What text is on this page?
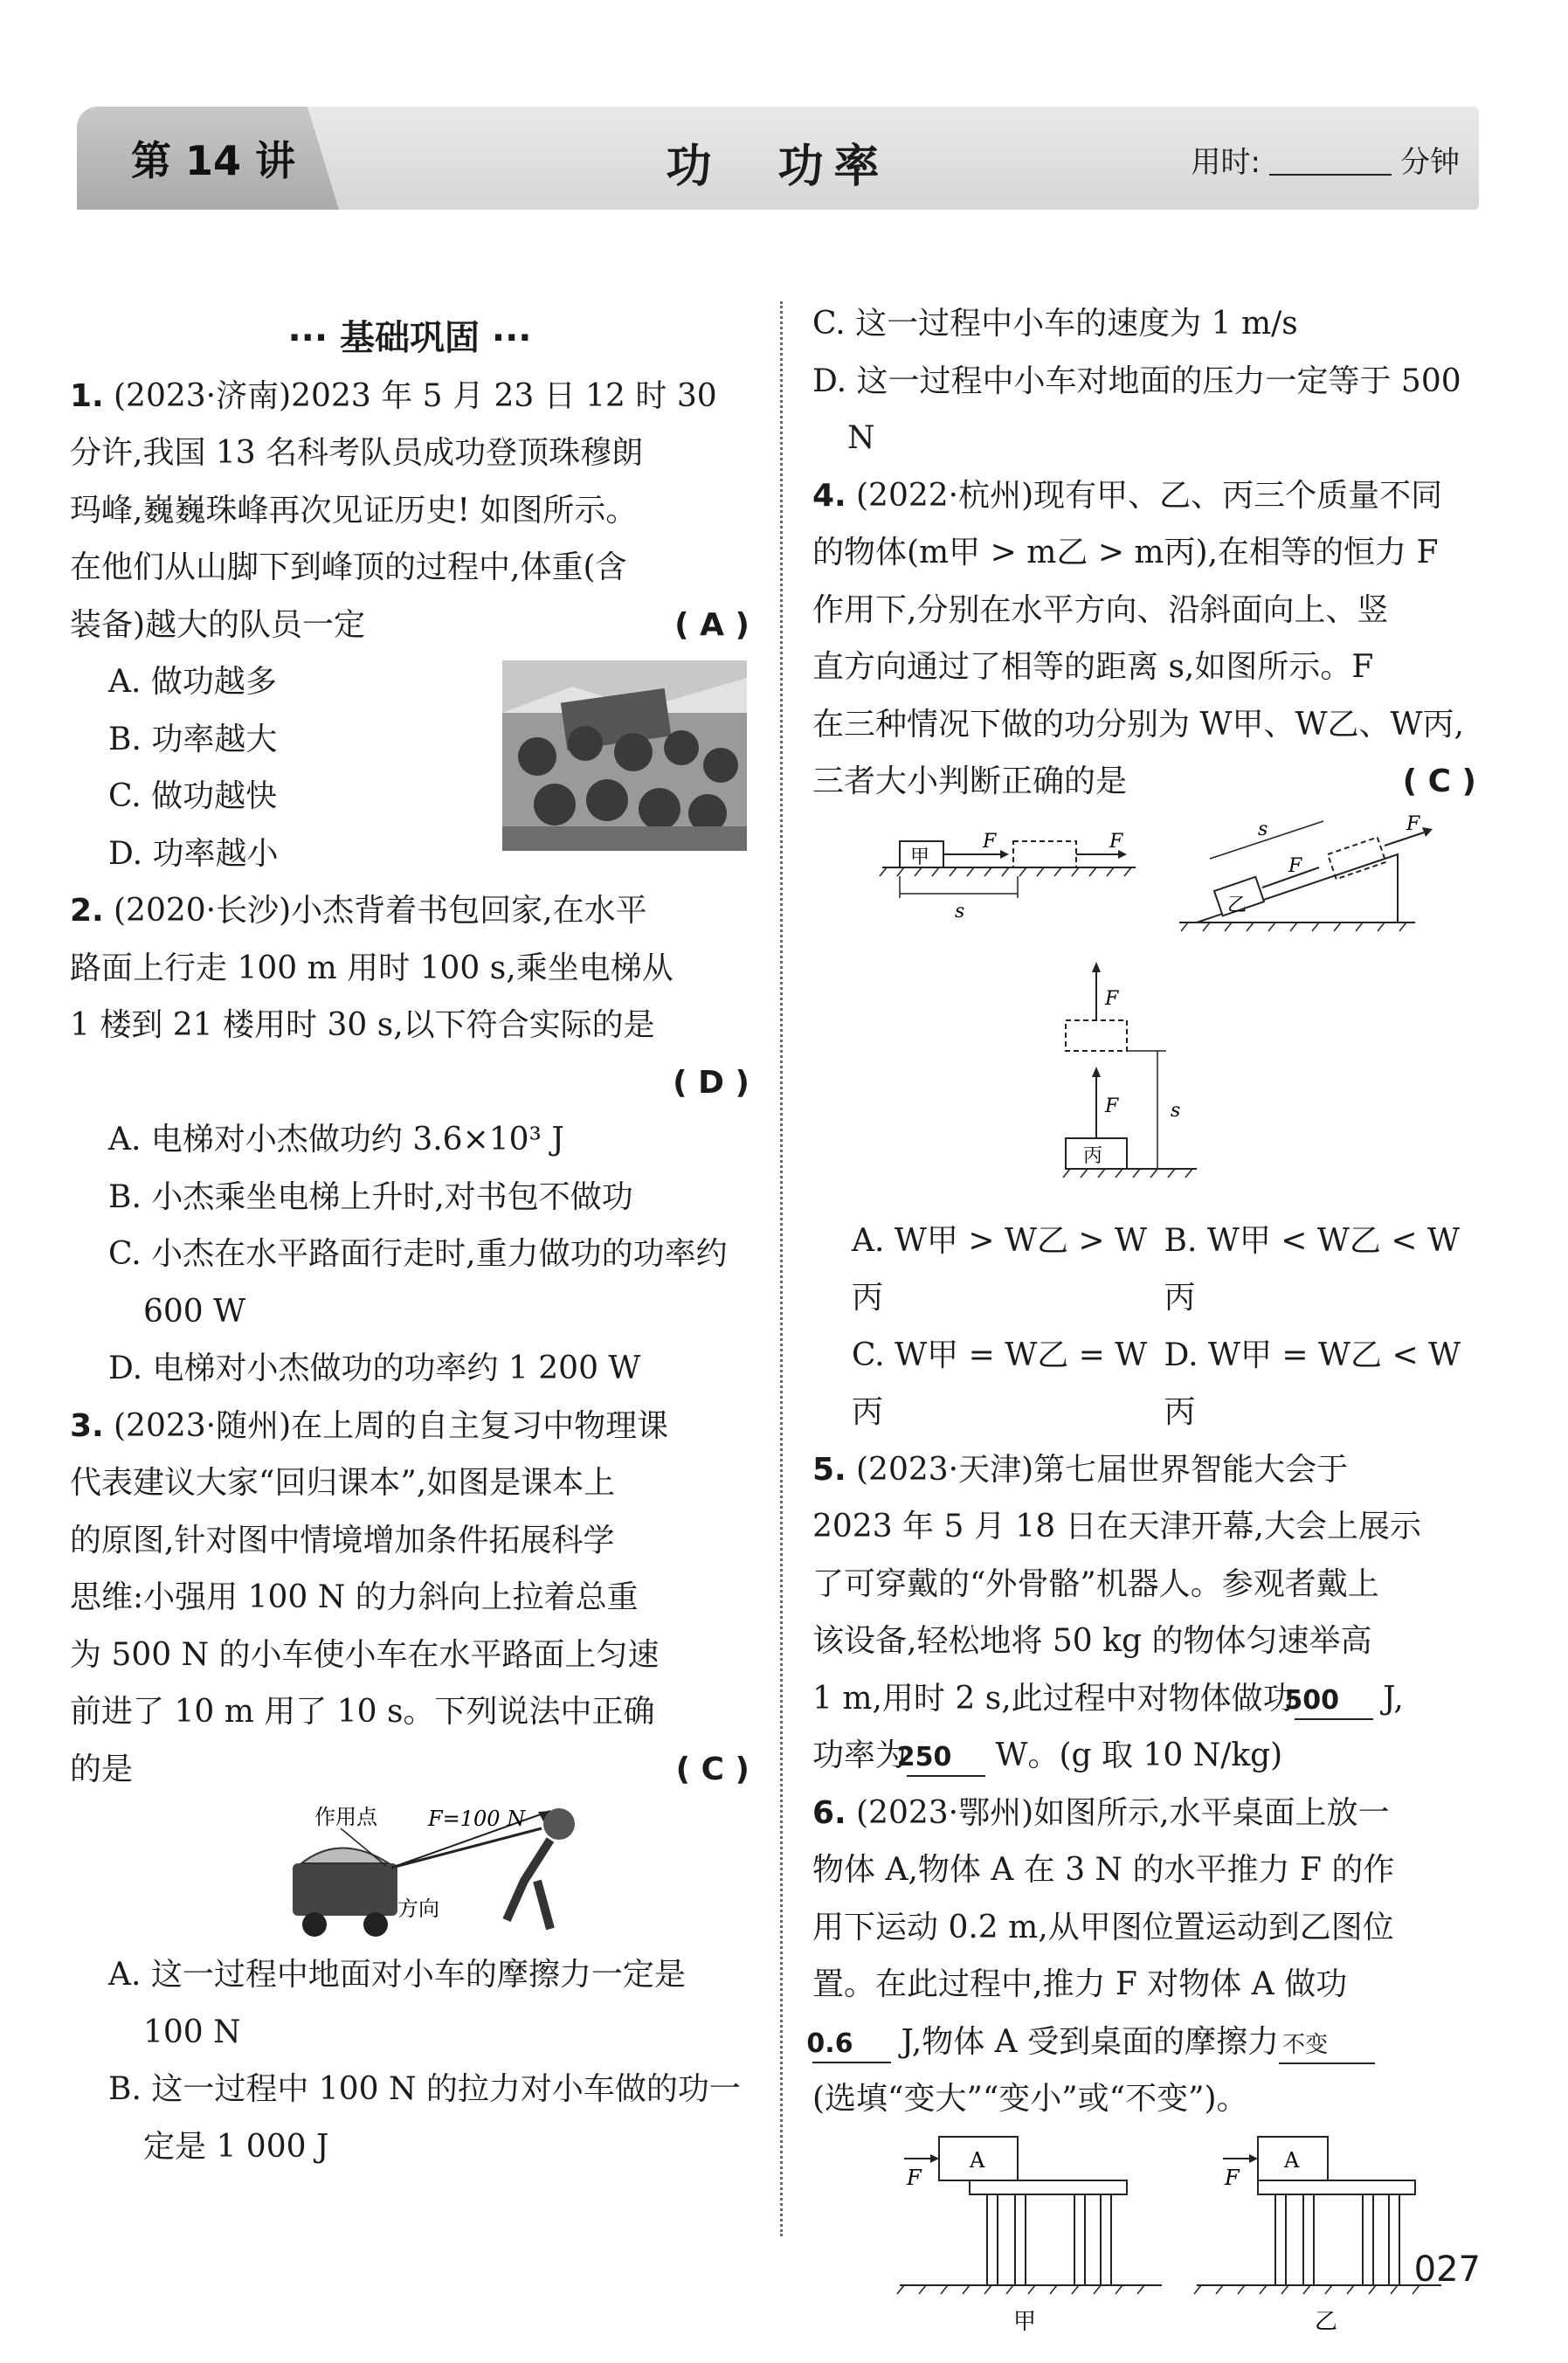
第 14 讲	功　功率	用时:	分钟
··· 基础巩固 ···
1. (2023·济南)2023 年 5 月 23 日 12 时 30
分许,我国 13 名科考队员成功登顶珠穆朗
玛峰,巍巍珠峰再次见证历史! 如图所示。
在他们从山脚下到峰顶的过程中,体重(含
装备)越大的队员一定	( A )
A. 做功越多
B. 功率越大
C. 做功越快
D. 功率越小
2. (2020·长沙)小杰背着书包回家,在水平
路面上行走 100 m 用时 100 s,乘坐电梯从
1 楼到 21 楼用时 30 s,以下符合实际的是
( D )
A. 电梯对小杰做功约 3.6×10³ J
B. 小杰乘坐电梯上升时,对书包不做功
C. 小杰在水平路面行走时,重力做功的功率约 600 W
D. 电梯对小杰做功的功率约 1 200 W
3. (2023·随州)在上周的自主复习中物理课
代表建议大家“回归课本”,如图是课本上
的原图,针对图中情境增加条件拓展科学
思维:小强用 100 N 的力斜向上拉着总重
为 500 N 的小车使小车在水平路面上匀速
前进了 10 m 用了 10 s。下列说法中正确
的是	( C )
作用点 F=100 N
方向
A. 这一过程中地面对小车的摩擦力一定是 100 N
B. 这一过程中 100 N 的拉力对小车做的功一定是 1 000 J
C. 这一过程中小车的速度为 1 m/s
D. 这一过程中小车对地面的压力一定等于 500 N
4. (2022·杭州)现有甲、乙、丙三个质量不同
的物体(m甲 > m乙 > m丙),在相等的恒力 F
作用下,分别在水平方向、沿斜面向上、竖
直方向通过了相等的距离 s,如图所示。F
在三种情况下做的功分别为 W甲、W乙、W丙,
三者大小判断正确的是	( C )
甲
F	F
s	乙
F
F
s
丙
F
F
s
A. W甲 > W乙 > W丙
B. W甲 < W乙 < W丙
C. W甲 = W乙 = W丙
D. W甲 = W乙 < W丙
5. (2023·天津)第七届世界智能大会于
2023 年 5 月 18 日在天津开幕,大会上展示
了可穿戴的“外骨骼”机器人。参观者戴上
该设备,轻松地将 50 kg 的物体匀速举高
1 m,用时 2 s,此过程中对物体做功500 J,
功率为250 W。(g 取 10 N/kg)
6. (2023·鄂州)如图所示,水平桌面上放一
物体 A,物体 A 在 3 N 的水平推力 F 的作
用下运动 0.2 m,从甲图位置运动到乙图位
置。在此过程中,推力 F 对物体 A 做功
0.6 J,物体 A 受到桌面的摩擦力 不变
(选填“变大”“变小”或“不变”)。
A
F
甲
A
F
乙
027
